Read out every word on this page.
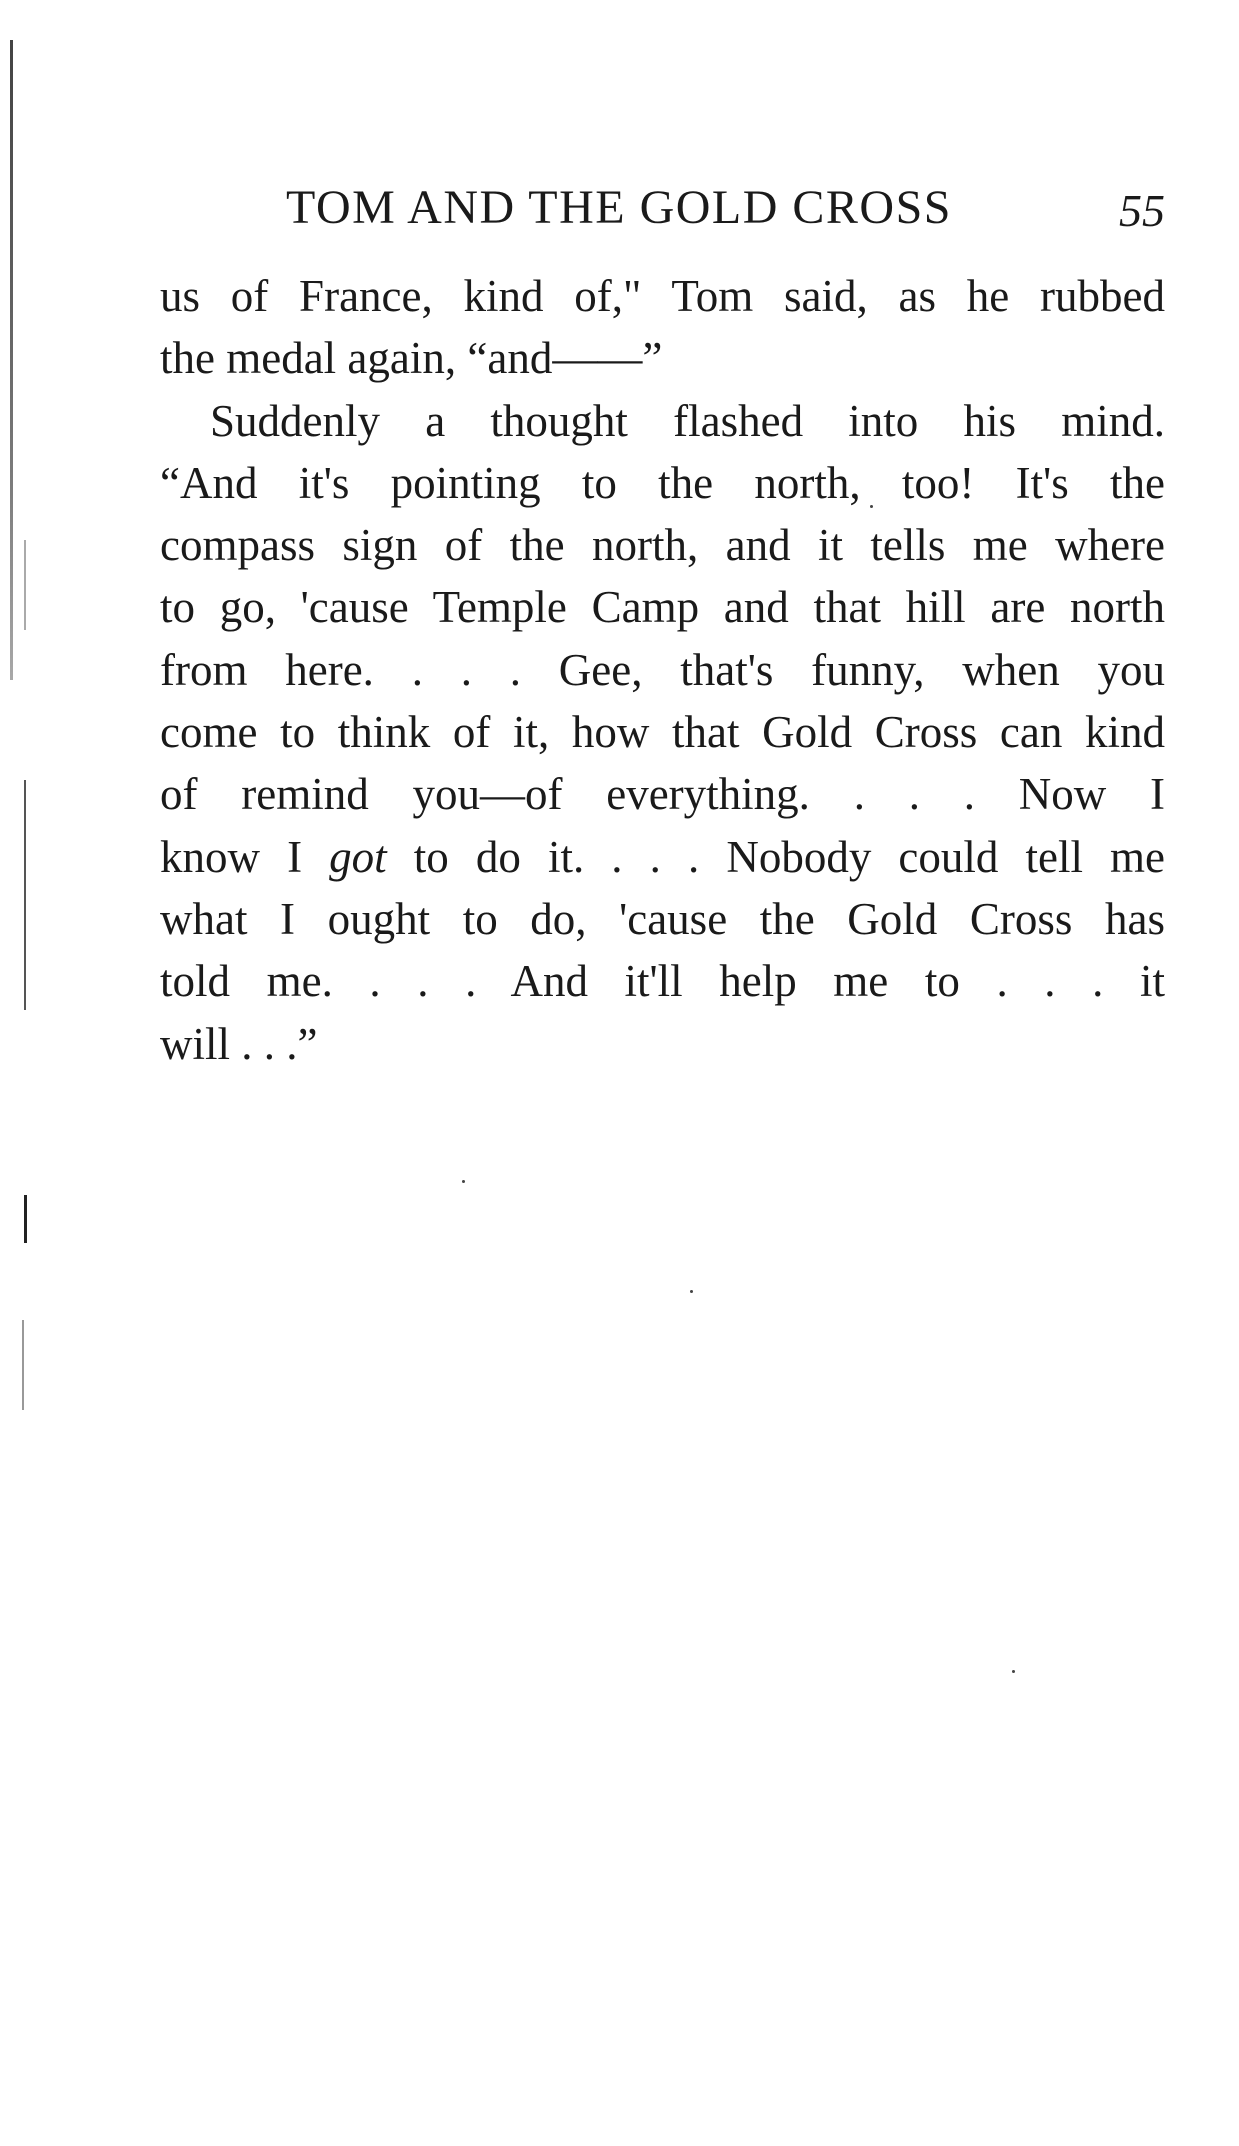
TOM AND THE GOLD CROSS	55
us of France, kind of," Tom said, as he rubbed
the medal again, “and——”
Suddenly a thought flashed into his mind.
“And it's pointing to the north, too! It's the
compass sign of the north, and it tells me where
to go, 'cause Temple Camp and that hill are north
from here. . . . Gee, that's funny, when you
come to think of it, how that Gold Cross can kind
of remind you—of everything. . . . Now I
know I got to do it. . . . Nobody could tell me
what I ought to do, 'cause the Gold Cross has
told me. . . . And it'll help me to . . . it
will . . .”
